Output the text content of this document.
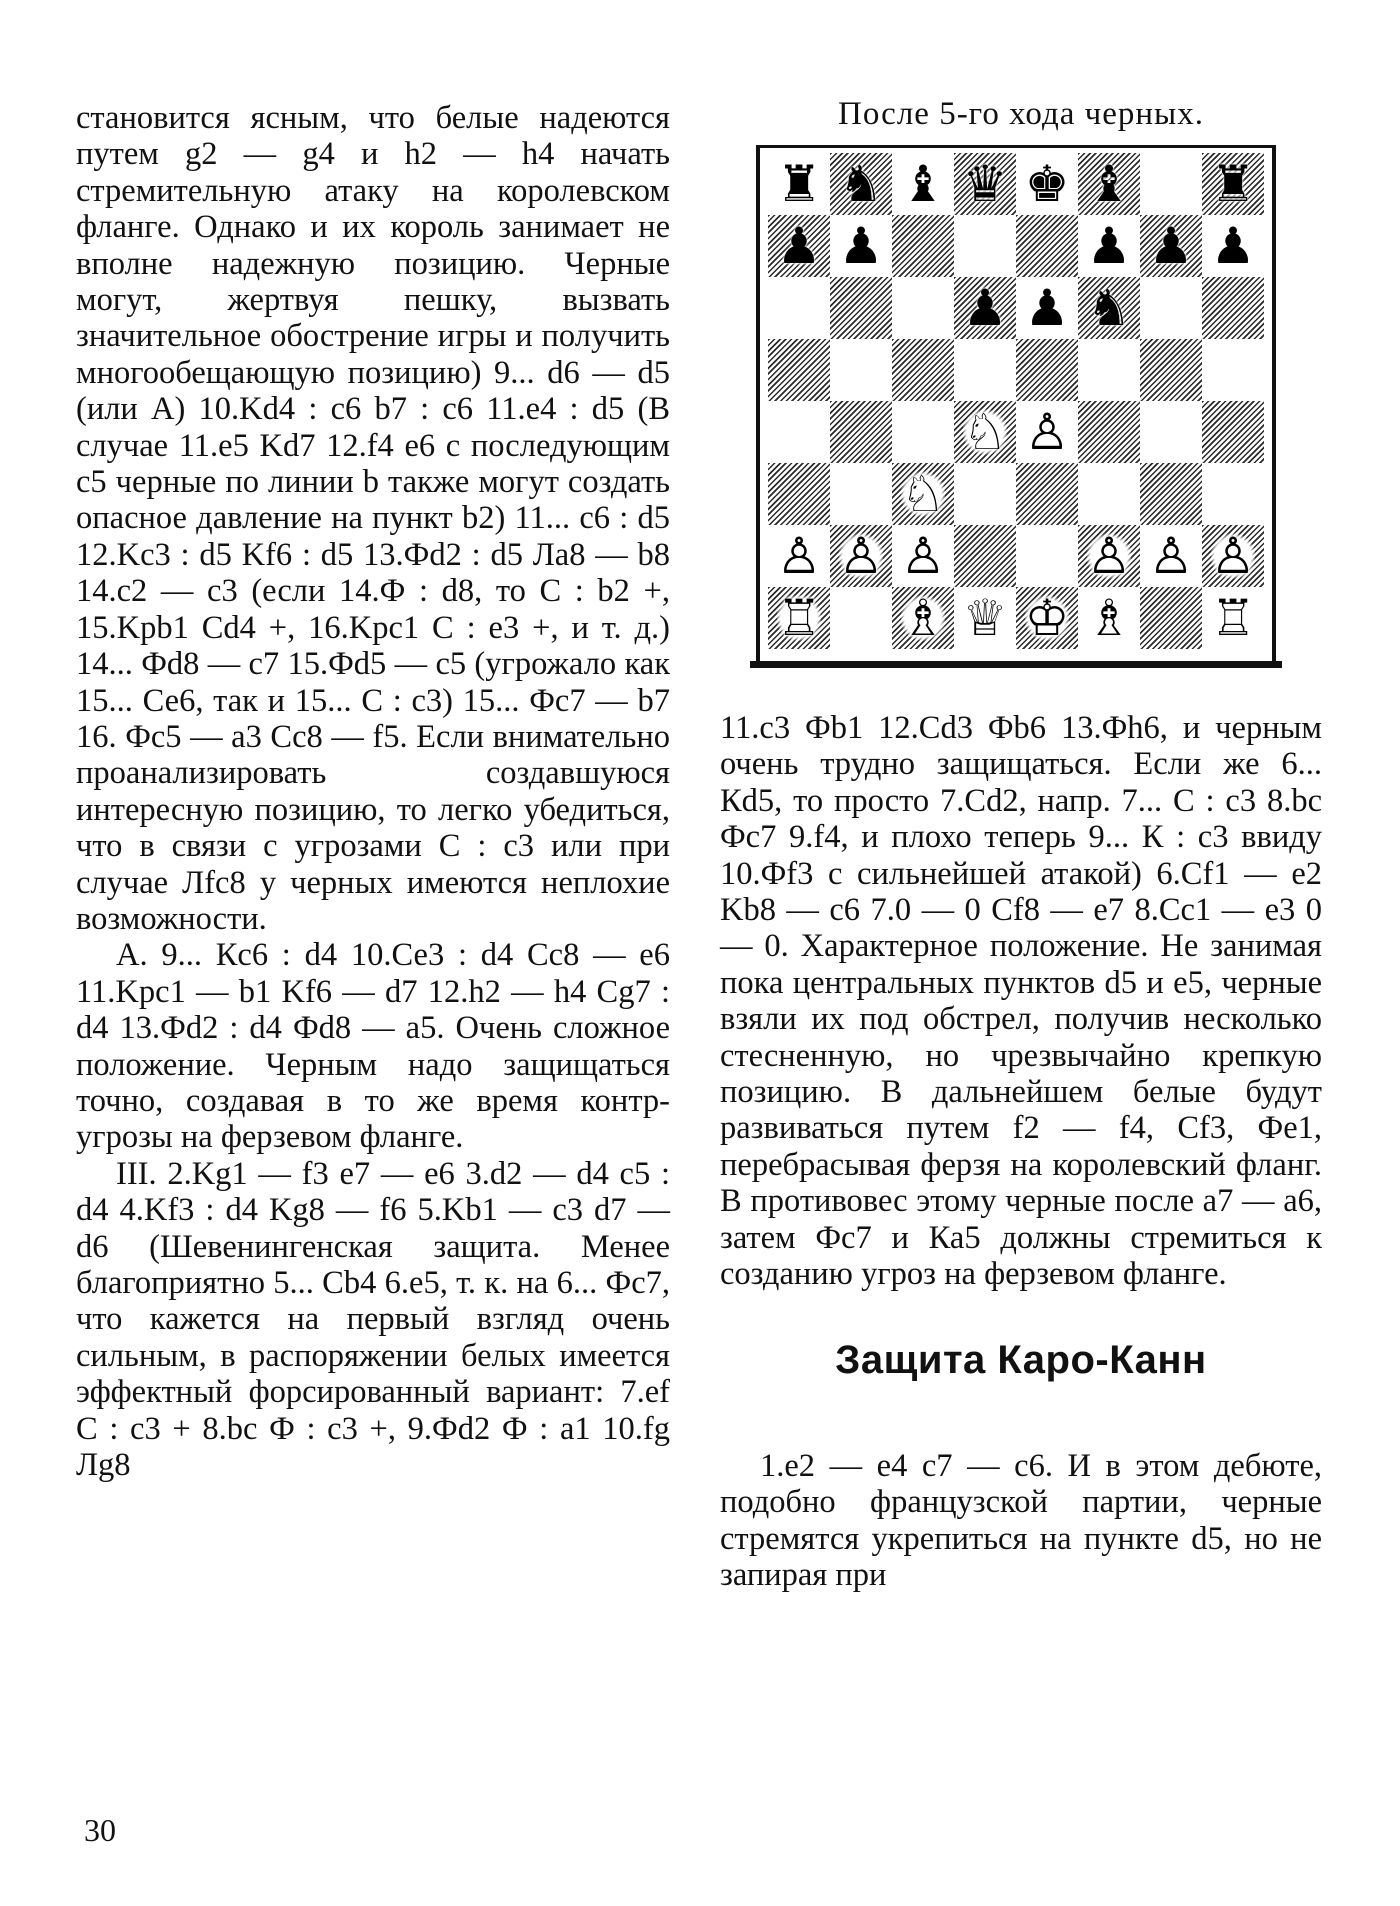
становится ясным, что белые надеются путем g2 — g4 и h2 — h4 начать стремительную атаку на королевском фланге. Однако и их король занимает не вполне надежную позицию. Черные могут, жертвуя пешку, вызвать значительное обострение игры и получить многообещающую позицию) 9... d6 — d5 (или А) 10.Kd4 : c6 b7 : c6 11.e4 : d5 (В случае 11.e5 Kd7 12.f4 e6 с последующим c5 черные по линии b также могут создать опасное давление на пункт b2) 11... c6 : d5 12.Kc3 : d5 Kf6 : d5 13.Фd2 : d5 Лa8 — b8 14.c2 — c3 (если 14.Ф : d8, то С : b2 +, 15.Kpb1 Cd4 +, 16.Kpc1 С : e3 +, и т. д.) 14... Фd8 — c7 15.Фd5 — c5 (угрожало как 15... Се6, так и 15... С : c3) 15... Фc7 — b7 16. Фc5 — a3 Cc8 — f5. Если внимательно проанализировать создавшуюся интересную позицию, то легко убедиться, что в связи с угрозами С : c3 или при случае Лfc8 у черных имеются неплохие возможности.

А. 9... Кc6 : d4 10.Се3 : d4 Cc8 — e6 11.Kpc1 — b1 Kf6 — d7 12.h2 — h4 Cg7 : d4 13.Фd2 : d4 Фd8 — a5. Очень сложное положение. Черным надо защищаться точно, создавая в то же время контр-угрозы на ферзевом фланге.

III. 2.Kg1 — f3 e7 — e6 3.d2 — d4 c5 : d4 4.Kf3 : d4 Kg8 — f6 5.Kb1 — c3 d7 — d6 (Шевенингенская защита. Менее благоприятно 5... Cb4 6.e5, т. к. на 6... Фc7, что кажется на первый взгляд очень сильным, в распоряжении белых имеется эффектный форсированный вариант: 7.ef С : c3 + 8.bc Ф : c3 +, 9.Фd2 Ф : a1 10.fg Лg8

После 5-го хода черных.
♜ ♞ ♝ ♛ ♚ ♝ ♜
♟ ♟	♟ ♟ ♟
♟ ♟ ♞
♘ ♙
♘
♙ ♙ ♙	♙ ♙ ♙
♖ ♗ ♕ ♔ ♗ ♖

11.c3 Фb1 12.Cd3 Фb6 13.Фh6, и черным очень трудно защищаться. Если же 6... Кd5, то просто 7.Cd2, напр. 7... С : c3 8.bc Фс7 9.f4, и плохо теперь 9... К : c3 ввиду 10.Фf3 с сильнейшей атакой) 6.Cf1 — e2 Kb8 — c6 7.0 — 0 Cf8 — e7 8.Cc1 — e3 0 — 0. Характерное положение. Не занимая пока центральных пунктов d5 и e5, черные взяли их под обстрел, получив несколько стесненную, но чрезвычайно крепкую позицию. В дальнейшем белые будут развиваться путем f2 — f4, Cf3, Фe1, перебрасывая ферзя на королевский фланг. В противовес этому черные после a7 — a6, затем Фc7 и Ка5 должны стремиться к созданию угроз на ферзевом фланге.

Защита Каро-Канн

1.e2 — e4 c7 — c6. И в этом дебюте, подобно французской партии, черные стремятся укрепиться на пункте d5, но не запирая при

30
